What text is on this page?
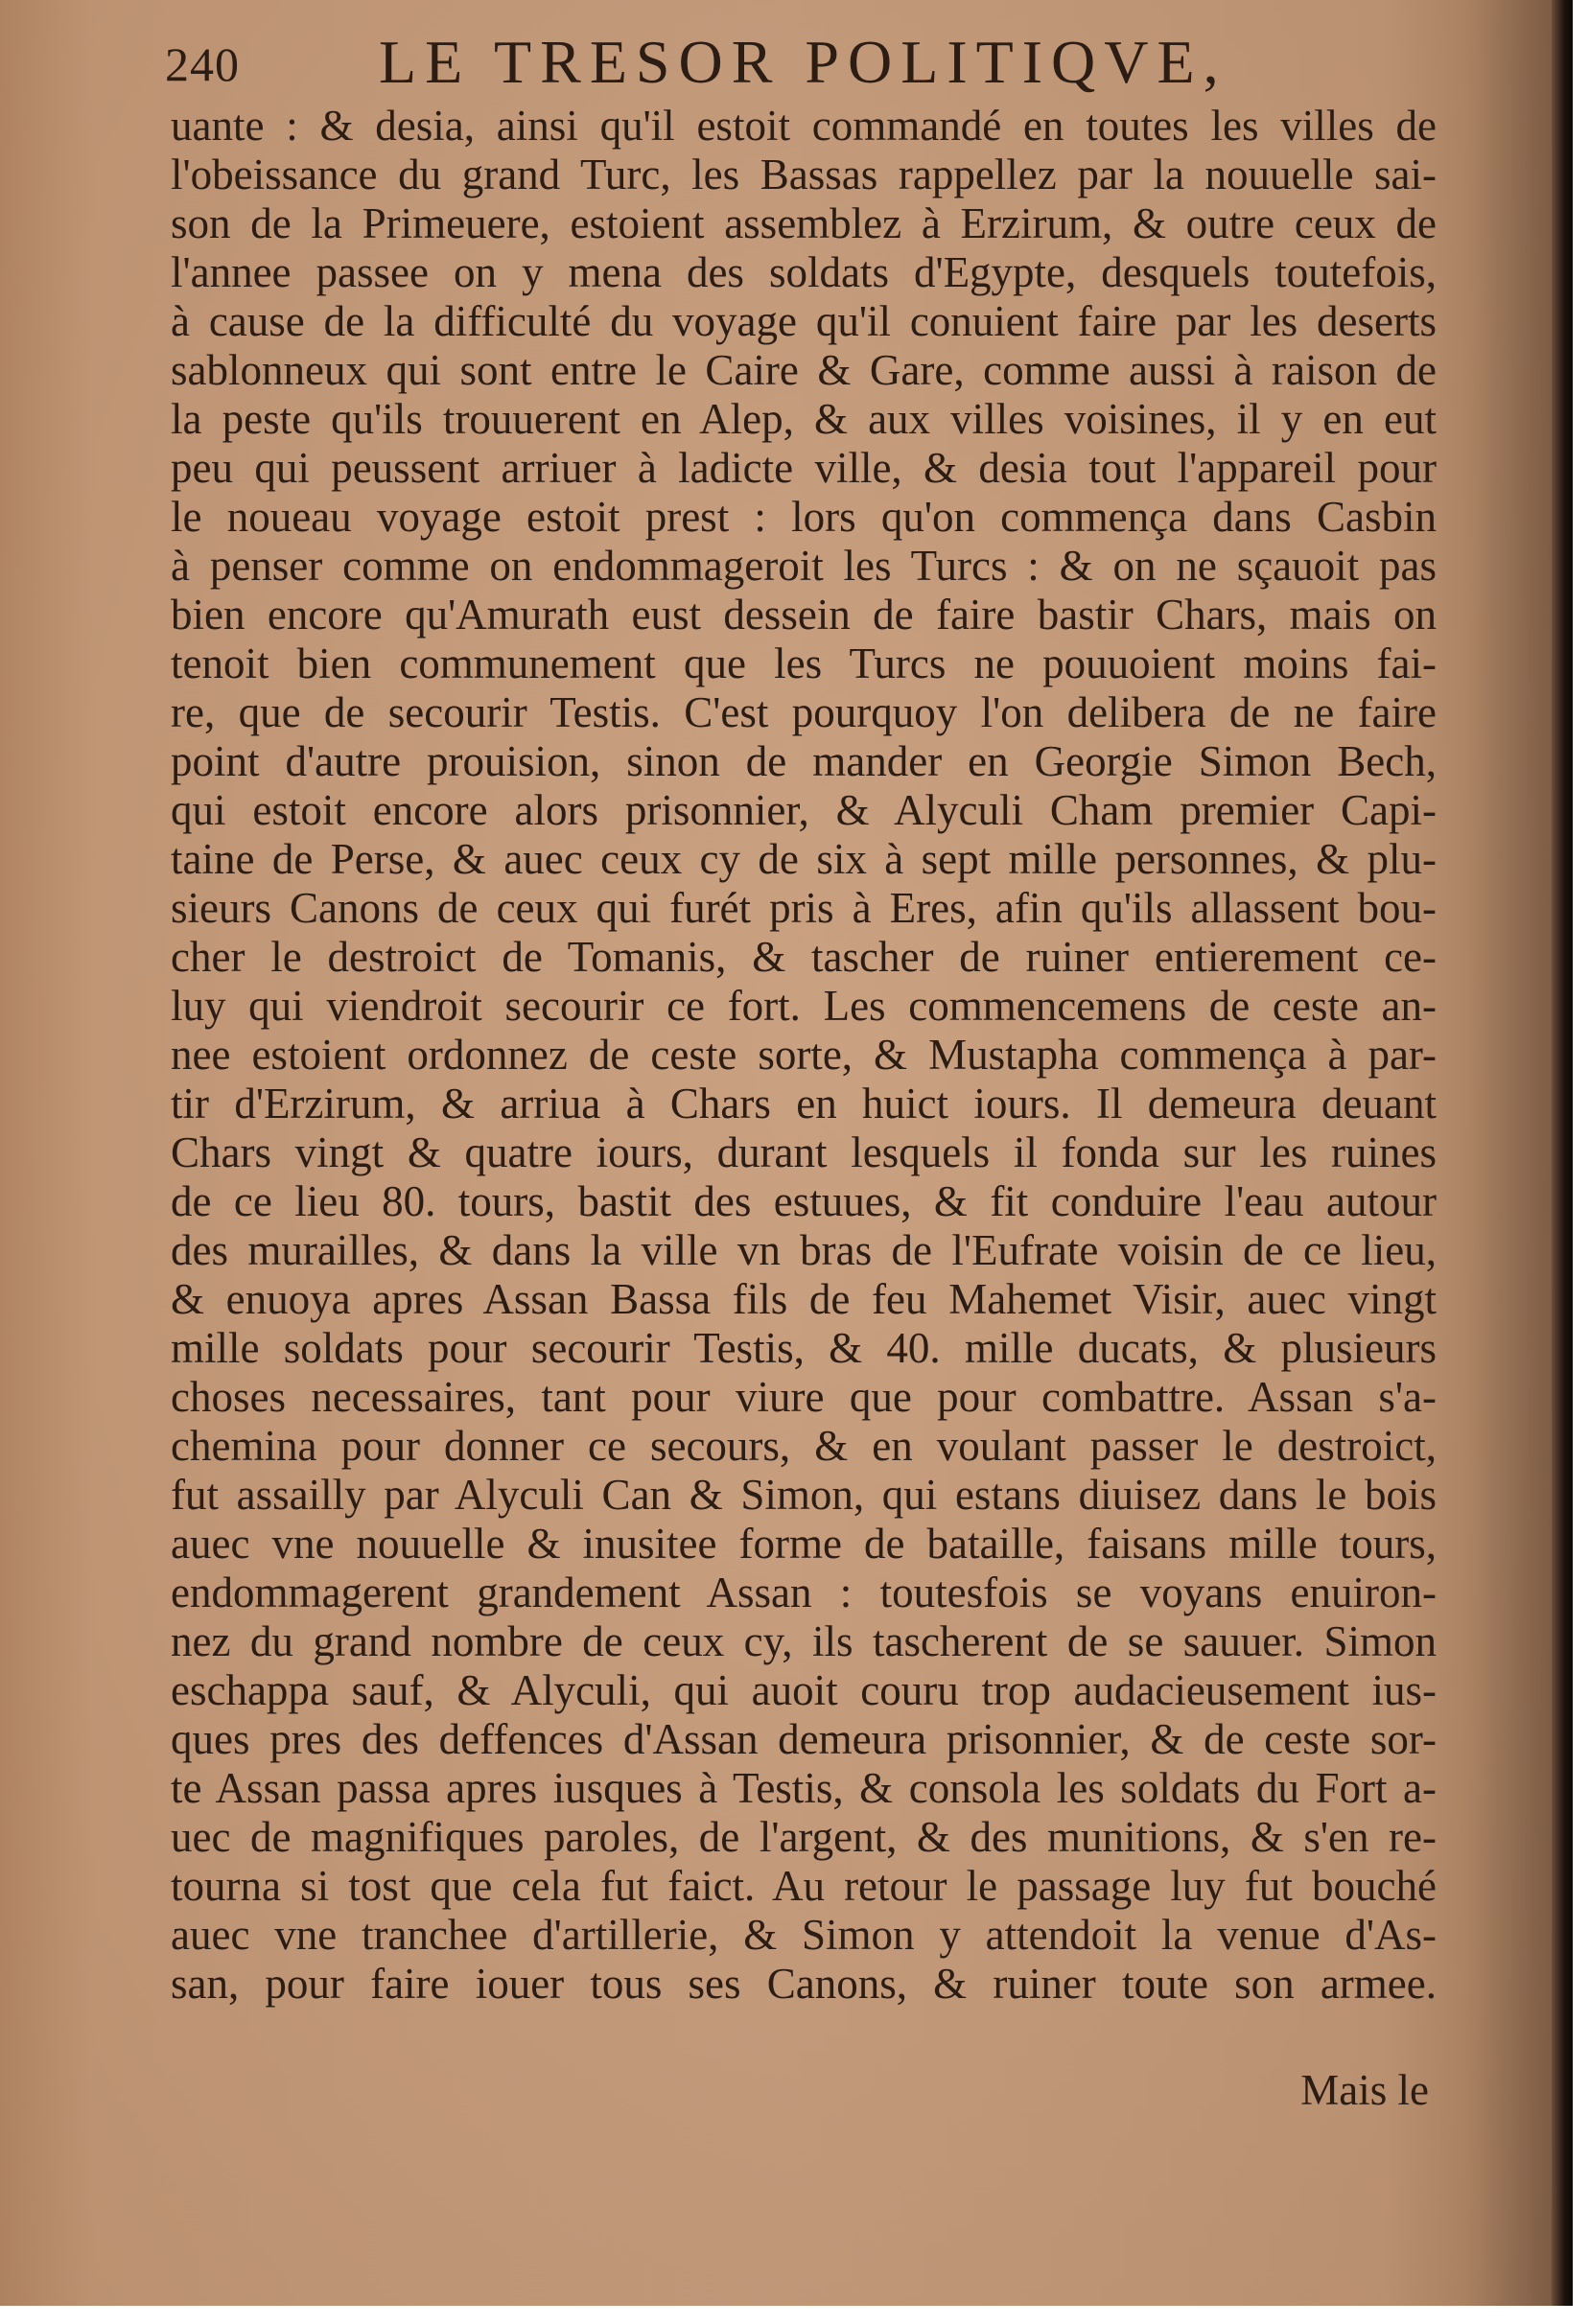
240 LE TRESOR POLITIQVE,
uante : & desia, ainsi qu'il estoit commandé en toutes les villes de
l'obeissance du grand Turc, les Bassas rappellez par la nouuelle sai-
son de la Primeuere, estoient assemblez à Erzirum, & outre ceux de
l'annee passee on y mena des soldats d'Egypte, desquels toutefois,
à cause de la difficulté du voyage qu'il conuient faire par les deserts
sablonneux qui sont entre le Caire & Gare, comme aussi à raison de
la peste qu'ils trouuerent en Alep, & aux villes voisines, il y en eut
peu qui peussent arriuer à ladicte ville, & desia tout l'appareil pour
le noueau voyage estoit prest : lors qu'on commença dans Casbin
à penser comme on endommageroit les Turcs : & on ne sçauoit pas
bien encore qu'Amurath eust dessein de faire bastir Chars, mais on
tenoit bien communement que les Turcs ne pouuoient moins fai-
re, que de secourir Testis. C'est pourquoy l'on delibera de ne faire
point d'autre prouision, sinon de mander en Georgie Simon Bech,
qui estoit encore alors prisonnier, & Alyculi Cham premier Capi-
taine de Perse, & auec ceux cy de six à sept mille personnes, & plu-
sieurs Canons de ceux qui furét pris à Eres, afin qu'ils allassent bou-
cher le destroict de Tomanis, & tascher de ruiner entierement ce-
luy qui viendroit secourir ce fort. Les commencemens de ceste an-
nee estoient ordonnez de ceste sorte, & Mustapha commença à par-
tir d'Erzirum, & arriua à Chars en huict iours. Il demeura deuant
Chars vingt & quatre iours, durant lesquels il fonda sur les ruines
de ce lieu 80. tours, bastit des estuues, & fit conduire l'eau autour
des murailles, & dans la ville vn bras de l'Eufrate voisin de ce lieu,
& enuoya apres Assan Bassa fils de feu Mahemet Visir, auec vingt
mille soldats pour secourir Testis, & 40. mille ducats, & plusieurs
choses necessaires, tant pour viure que pour combattre. Assan s'a-
chemina pour donner ce secours, & en voulant passer le destroict,
fut assailly par Alyculi Can & Simon, qui estans diuisez dans le bois
auec vne nouuelle & inusitee forme de bataille, faisans mille tours,
endommagerent grandement Assan : toutesfois se voyans enuiron-
nez du grand nombre de ceux cy, ils tascherent de se sauuer. Simon
eschappa sauf, & Alyculi, qui auoit couru trop audacieusement ius-
ques pres des deffences d'Assan demeura prisonnier, & de ceste sor-
te Assan passa apres iusques à Testis, & consola les soldats du Fort a-
uec de magnifiques paroles, de l'argent, & des munitions, & s'en re-
tourna si tost que cela fut faict. Au retour le passage luy fut bouché
auec vne tranchee d'artillerie, & Simon y attendoit la venue d'As-
san, pour faire iouer tous ses Canons, & ruiner toute son armee.
Mais le
